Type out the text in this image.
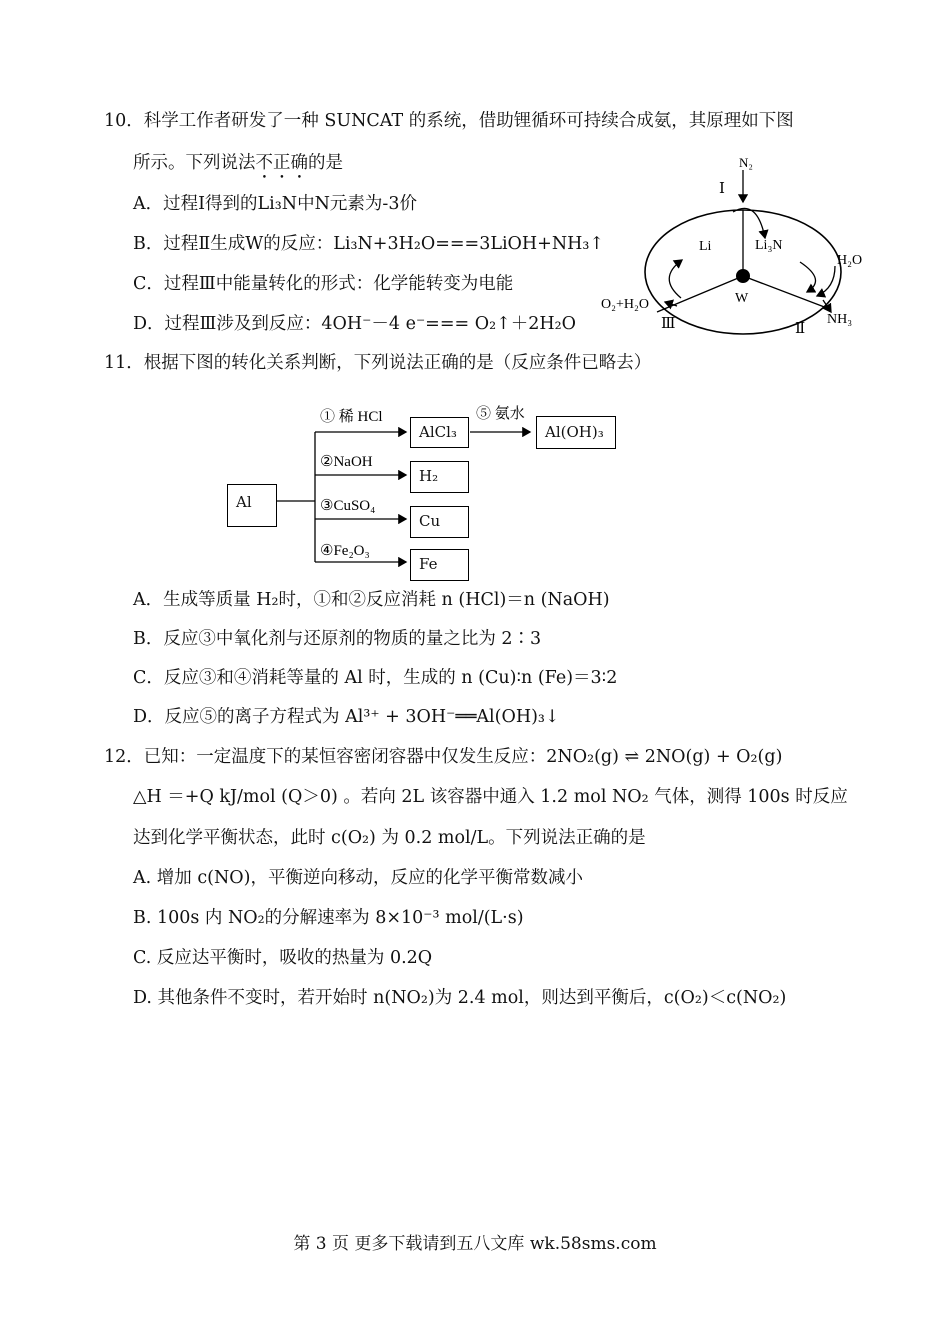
10．科学工作者研发了一种 SUNCAT 的系统，借助锂循环可持续合成氨，其原理如下图
所示。下列说法不正确的是
A．过程Ⅰ得到的Li₃N中N元素为-3价
B．过程Ⅱ生成W的反应：Li₃N+3H₂O===3LiOH+NH₃↑
C．过程Ⅲ中能量转化的形式：化学能转变为电能
D．过程Ⅲ涉及到反应：4OH⁻－4 e⁻=== O₂↑＋2H₂O
N₂
Ⅰ
Li	Li₃N
H₂O
W
O₂+H₂O
NH₃
Ⅲ	Ⅱ
11．根据下图的转化关系判断，下列说法正确的是（反应条件已略去）
① 稀 HCl
②NaOH
③CuSO₄
④Fe₂O₃
⑤ 氨水
Al
AlCl₃
H₂
Cu
Fe
Al(OH)₃
A．生成等质量 H₂时，①和②反应消耗 n (HCl)＝n (NaOH)
B．反应③中氧化剂与还原剂的物质的量之比为 2∶3
C．反应③和④消耗等量的 Al 时，生成的 n (Cu)∶n (Fe)＝3∶2
D．反应⑤的离子方程式为 Al³⁺ + 3OH⁻══Al(OH)₃↓
12．已知：一定温度下的某恒容密闭容器中仅发生反应：2NO₂(g) ⇌ 2NO(g) + O₂(g)
△H ＝+Q kJ/mol (Q＞0) 。若向 2L 该容器中通入 1.2 mol NO₂ 气体，测得 100s 时反应
达到化学平衡状态，此时 c(O₂) 为 0.2 mol/L。下列说法正确的是
A. 增加 c(NO)，平衡逆向移动，反应的化学平衡常数减小
B. 100s 内 NO₂的分解速率为 8×10⁻³ mol/(L·s)
C. 反应达平衡时，吸收的热量为 0.2Q
D. 其他条件不变时，若开始时 n(NO₂)为 2.4 mol，则达到平衡后，c(O₂)＜c(NO₂)
第 3 页 更多下载请到五八文库 wk.58sms.com
